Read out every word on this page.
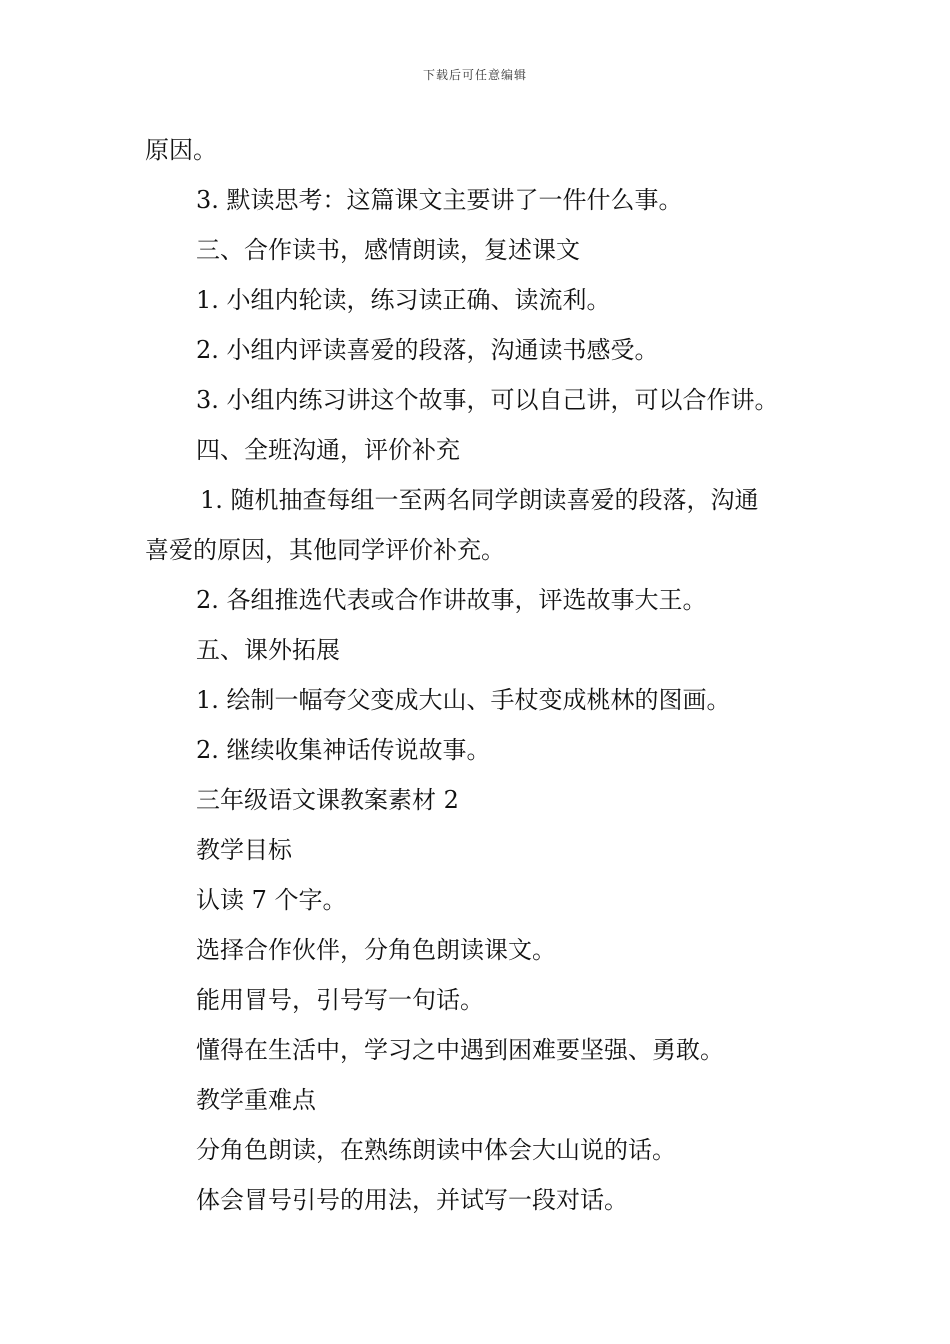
下载后可任意编辑
原因。
3. 默读思考：这篇课文主要讲了一件什么事。
三、合作读书，感情朗读，复述课文
1. 小组内轮读，练习读正确、读流利。
2. 小组内评读喜爱的段落，沟通读书感受。
3. 小组内练习讲这个故事，可以自己讲，可以合作讲。
四、全班沟通，评价补充
1. 随机抽查每组一至两名同学朗读喜爱的段落，沟通
喜爱的原因，其他同学评价补充。
2. 各组推选代表或合作讲故事，评选故事大王。
五、课外拓展
1. 绘制一幅夸父变成大山、手杖变成桃林的图画。
2. 继续收集神话传说故事。
三年级语文课教案素材 2
教学目标
认读 7 个字。
选择合作伙伴，分角色朗读课文。
能用冒号，引号写一句话。
懂得在生活中，学习之中遇到困难要坚强、勇敢。
教学重难点
分角色朗读，在熟练朗读中体会大山说的话。
体会冒号引号的用法，并试写一段对话。
